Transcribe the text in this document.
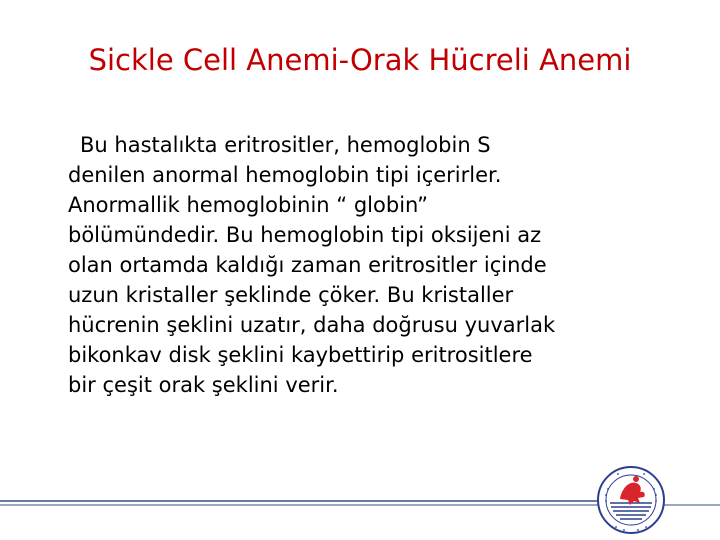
Sickle Cell Anemi-Orak Hücreli Anemi

Bu hastalıkta eritrositler, hemoglobin S
denilen anormal hemoglobin tipi içerirler.
Anormallik hemoglobinin “ globin”
bölümündedir. Bu hemoglobin tipi oksijeni az
olan ortamda kaldığı zaman eritrositler içinde
uzun kristaller şeklinde çöker. Bu kristaller
hücrenin şeklini uzatır, daha doğrusu yuvarlak
bikonkav disk şeklini kaybettirip eritrositlere
bir çeşit orak şeklini verir.
